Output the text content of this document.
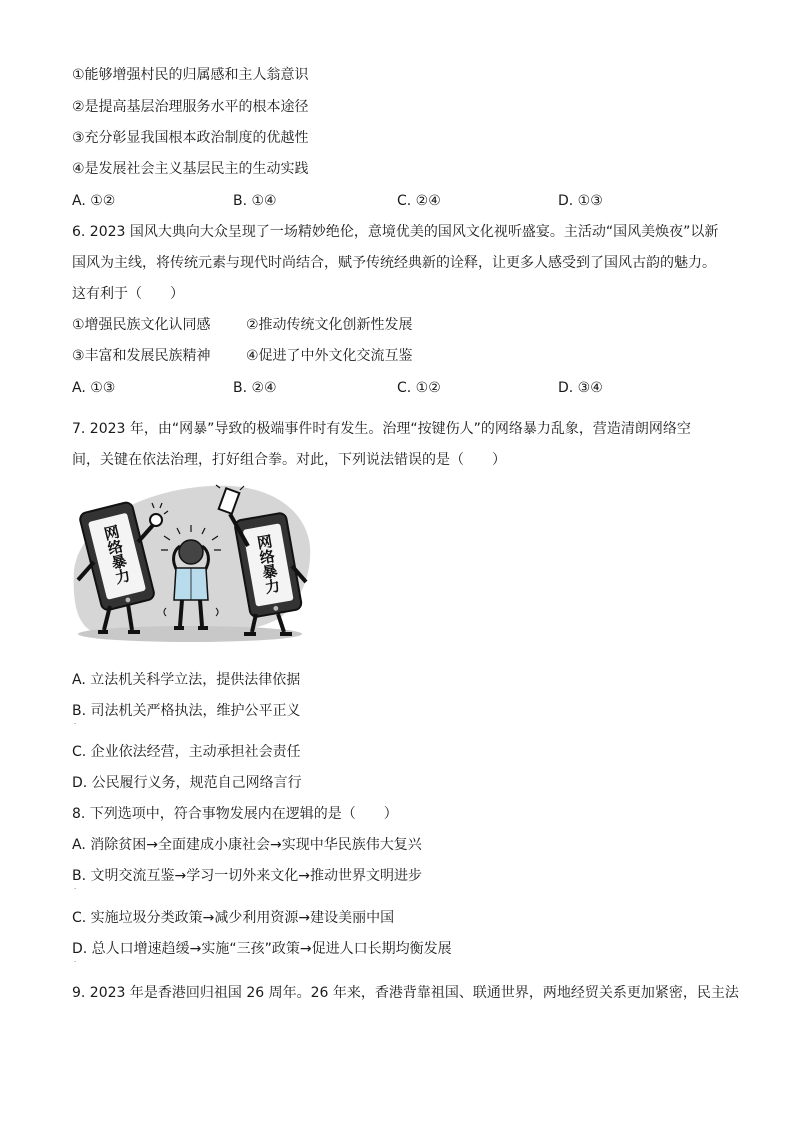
①能够增强村民的归属感和主人翁意识
②是提高基层治理服务水平的根本途径
③充分彰显我国根本政治制度的优越性
④是发展社会主义基层民主的生动实践
A. ①②	B. ①④	C. ②④	D. ①③
6. 2023 国风大典向大众呈现了一场精妙绝伦，意境优美的国风文化视听盛宴。主活动“国风美焕夜”以新
国风为主线，将传统元素与现代时尚结合，赋予传统经典新的诠释，让更多人感受到了国风古韵的魅力。
这有利于（　　）
①增强民族文化认同感	②推动传统文化创新性发展
③丰富和发展民族精神	④促进了中外文化交流互鉴
A. ①③	B. ②④	C. ①②	D. ③④
7. 2023 年，由“网暴”导致的极端事件时有发生。治理“按键伤人”的网络暴力乱象，营造清朗网络空
间，关键在依法治理，打好组合拳。对此，下列说法错误的是（　　）
网络暴力	网络暴力
A. 立法机关科学立法，提供法律依据
B. 司法机关严格执法，维护公平正义
·
C. 企业依法经营，主动承担社会责任
D. 公民履行义务，规范自己网络言行
8. 下列选项中，符合事物发展内在逻辑的是（　　）
A. 消除贫困→全面建成小康社会→实现中华民族伟大复兴
B. 文明交流互鉴→学习一切外来文化→推动世界文明进步
·
C. 实施垃圾分类政策→减少利用资源→建设美丽中国
D. 总人口增速趋缓→实施“三孩”政策→促进人口长期均衡发展
·
9. 2023 年是香港回归祖国 26 周年。26 年来，香港背靠祖国、联通世界，两地经贸关系更加紧密，民主法
